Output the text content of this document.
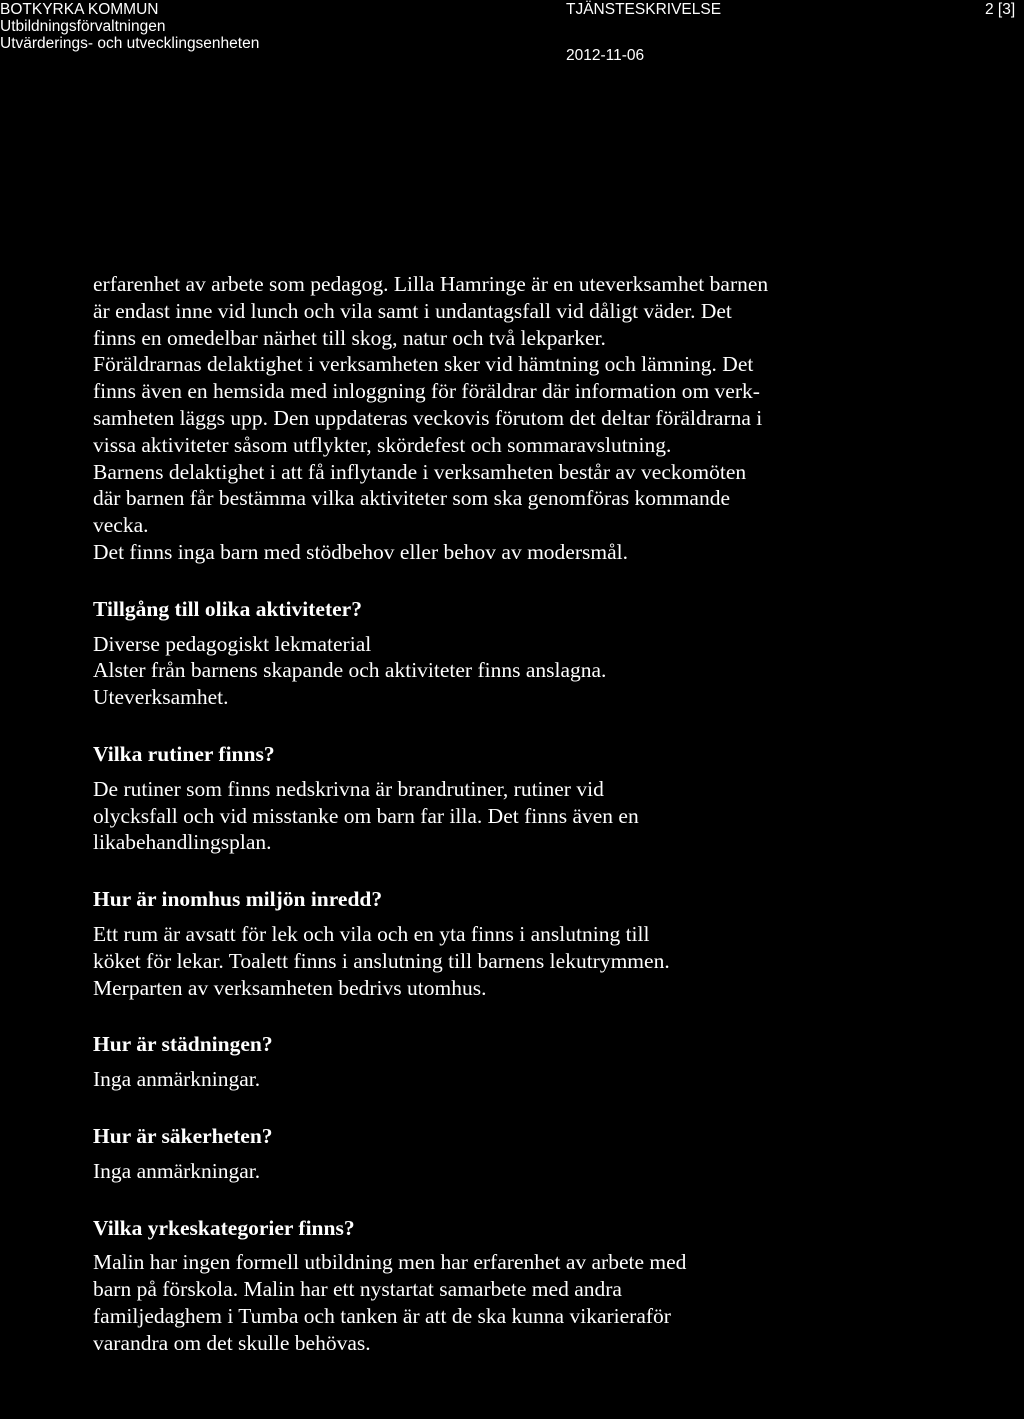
BOTKYRKA KOMMUN
Utbildningsförvaltningen
Utvärderings- och utvecklingsenheten
TJÄNSTESKRIVELSE
2012-11-06
2 [3]

erfarenhet av arbete som pedagog. Lilla Hamringe är en uteverksamhet barnen

är endast inne vid lunch och vila samt i undantagsfall vid dåligt väder. Det

finns en omedelbar närhet till skog, natur och två lekparker.

Föräldrarnas delaktighet i verksamheten sker vid hämtning och lämning. Det

finns även en hemsida med inloggning för föräldrar där information om verk-

samheten läggs upp. Den uppdateras veckovis förutom det deltar föräldrarna i

vissa aktiviteter såsom utflykter, skördefest och sommaravslutning.

Barnens delaktighet i att få inflytande i verksamheten består av veckomöten

där barnen får bestämma vilka aktiviteter som ska genomföras kommande

vecka.

Det finns inga barn med stödbehov eller behov av modersmål.

Tillgång till olika aktiviteter?

Diverse pedagogiskt lekmaterial

Alster från barnens skapande och aktiviteter finns anslagna.

Uteverksamhet.

Vilka rutiner finns?

De rutiner som finns nedskrivna är brandrutiner, rutiner vid

olycksfall och vid misstanke om barn far illa. Det finns även en

likabehandlingsplan.

Hur är inomhus miljön inredd?

Ett rum är avsatt för lek och vila och en yta finns i anslutning till

köket för lekar. Toalett finns i anslutning till barnens lekutrymmen.

Merparten av verksamheten bedrivs utomhus.

Hur är städningen?

Inga anmärkningar.

Hur är säkerheten?

Inga anmärkningar.

Vilka yrkeskategorier finns?

Malin har ingen formell utbildning men har erfarenhet av arbete med

barn på förskola. Malin har ett nystartat samarbete med andra

familjedaghem i Tumba och tanken är att de ska kunna vikarieraför

varandra om det skulle behövas.
